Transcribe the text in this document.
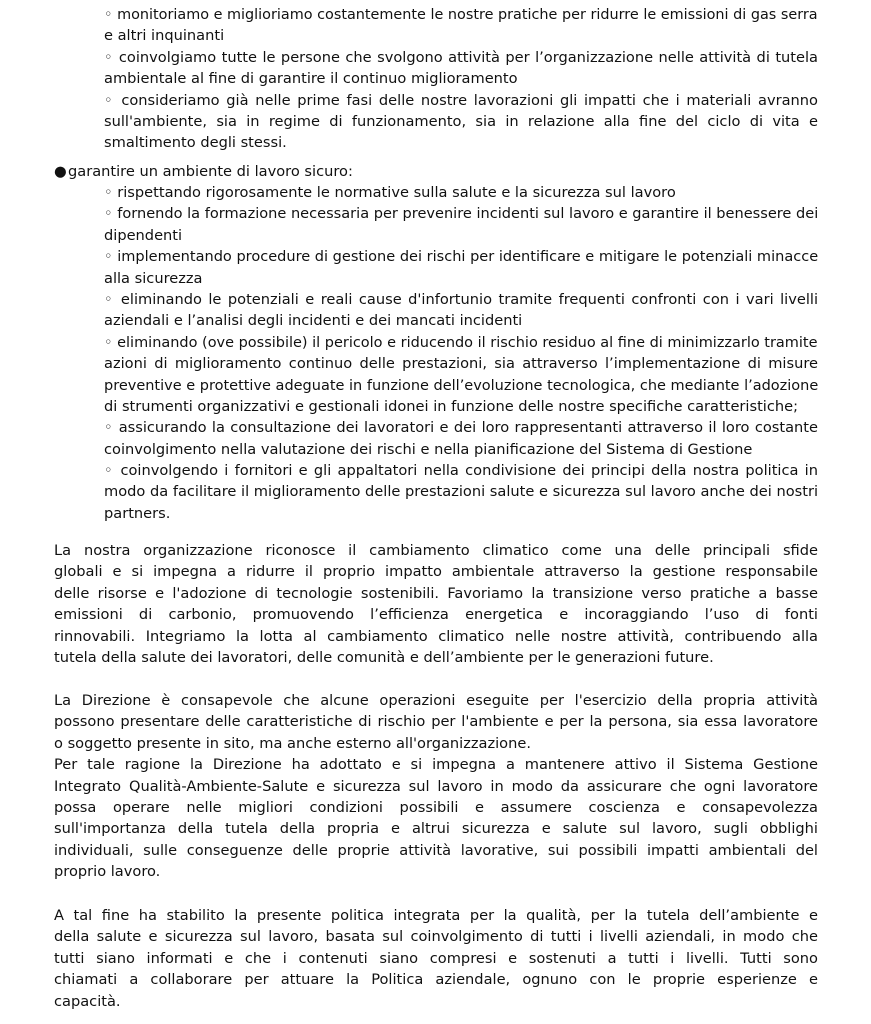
◦ monitoriamo e miglioriamo costantemente le nostre pratiche per ridurre le emissioni di gas serra
e altri inquinanti
◦ coinvolgiamo tutte le persone che svolgono attività per l’organizzazione nelle attività di tutela
ambientale al fine di garantire il continuo miglioramento
◦ consideriamo già nelle prime fasi delle nostre lavorazioni gli impatti che i materiali avranno
sull'ambiente, sia in regime di funzionamento, sia in relazione alla fine del ciclo di vita e
smaltimento degli stessi.
●garantire un ambiente di lavoro sicuro:
◦ rispettando rigorosamente le normative sulla salute e la sicurezza sul lavoro
◦ fornendo la formazione necessaria per prevenire incidenti sul lavoro e garantire il benessere dei
dipendenti
◦ implementando procedure di gestione dei rischi per identificare e mitigare le potenziali minacce
alla sicurezza
◦ eliminando le potenziali e reali cause d'infortunio tramite frequenti confronti con i vari livelli
aziendali e l’analisi degli incidenti e dei mancati incidenti
◦ eliminando (ove possibile) il pericolo e riducendo il rischio residuo al fine di minimizzarlo tramite
azioni di miglioramento continuo delle prestazioni, sia attraverso l’implementazione di misure
preventive e protettive adeguate in funzione dell’evoluzione tecnologica, che mediante l’adozione
di strumenti organizzativi e gestionali idonei in funzione delle nostre specifiche caratteristiche;
◦ assicurando la consultazione dei lavoratori e dei loro rappresentanti attraverso il loro costante
coinvolgimento nella valutazione dei rischi e nella pianificazione del Sistema di Gestione
◦ coinvolgendo i fornitori e gli appaltatori nella condivisione dei principi della nostra politica in
modo da facilitare il miglioramento delle prestazioni salute e sicurezza sul lavoro anche dei nostri
partners.
La nostra organizzazione riconosce il cambiamento climatico come una delle principali sfide
globali e si impegna a ridurre il proprio impatto ambientale attraverso la gestione responsabile
delle risorse e l'adozione di tecnologie sostenibili. Favoriamo la transizione verso pratiche a basse
emissioni di carbonio, promuovendo l’efficienza energetica e incoraggiando l’uso di fonti
rinnovabili. Integriamo la lotta al cambiamento climatico nelle nostre attività, contribuendo alla
tutela della salute dei lavoratori, delle comunità e dell’ambiente per le generazioni future.
La Direzione è consapevole che alcune operazioni eseguite per l'esercizio della propria attività
possono presentare delle caratteristiche di rischio per l'ambiente e per la persona, sia essa lavoratore
o soggetto presente in sito, ma anche esterno all'organizzazione.
Per tale ragione la Direzione ha adottato e si impegna a mantenere attivo il Sistema Gestione
Integrato Qualità-Ambiente-Salute e sicurezza sul lavoro in modo da assicurare che ogni lavoratore
possa operare nelle migliori condizioni possibili e assumere coscienza e consapevolezza
sull'importanza della tutela della propria e altrui sicurezza e salute sul lavoro, sugli obblighi
individuali, sulle conseguenze delle proprie attività lavorative, sui possibili impatti ambientali del
proprio lavoro.
A tal fine ha stabilito la presente politica integrata per la qualità, per la tutela dell’ambiente e
della salute e sicurezza sul lavoro, basata sul coinvolgimento di tutti i livelli aziendali, in modo che
tutti siano informati e che i contenuti siano compresi e sostenuti a tutti i livelli. Tutti sono
chiamati a collaborare per attuare la Politica aziendale, ognuno con le proprie esperienze e
capacità.
